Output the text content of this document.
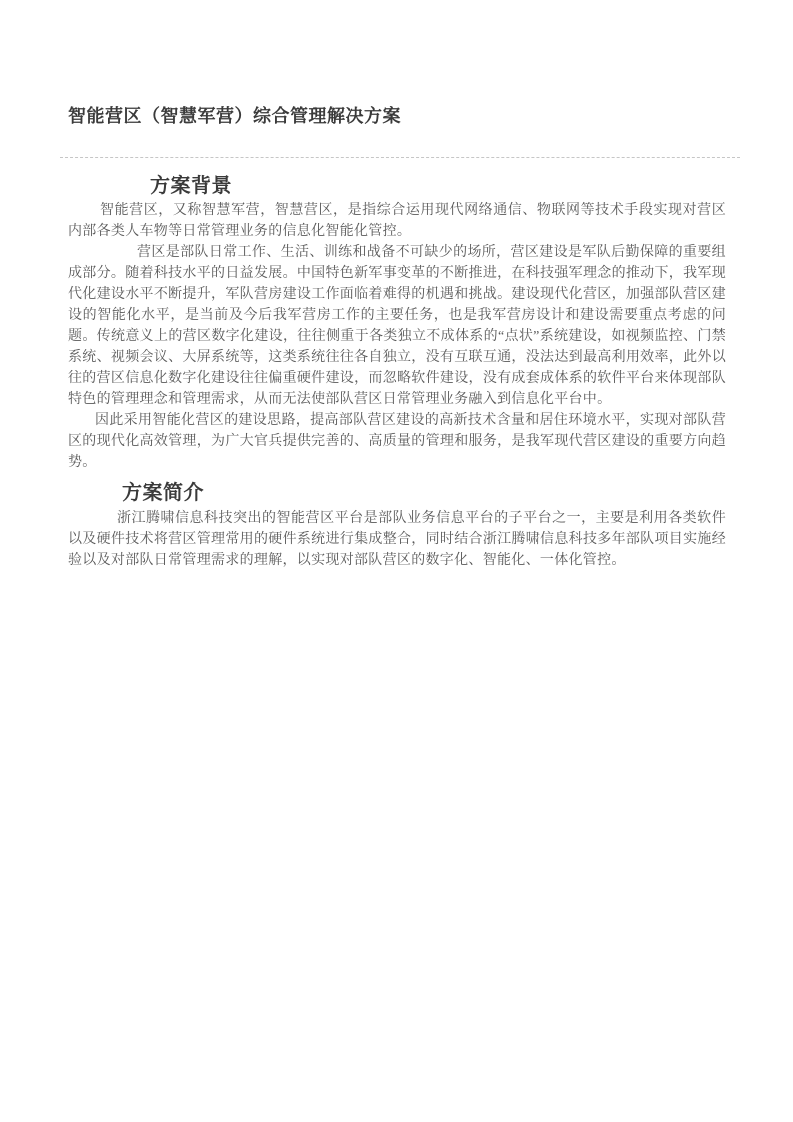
智能营区（智慧军营）综合管理解决方案
方案背景

智能营区，又称智慧军营，智慧营区，是指综合运用现代网络通信、物联网等技术手段实现对营区内部各类人车物等日常管理业务的信息化智能化管控。

营区是部队日常工作、生活、训练和战备不可缺少的场所，营区建设是军队后勤保障的重要组成部分。随着科技水平的日益发展。中国特色新军事变革的不断推进，在科技强军理念的推动下，我军现代化建设水平不断提升，军队营房建设工作面临着难得的机遇和挑战。建设现代化营区，加强部队营区建设的智能化水平，是当前及今后我军营房工作的主要任务，也是我军营房设计和建设需要重点考虑的问题。传统意义上的营区数字化建设，往往侧重于各类独立不成体系的“点状”系统建设，如视频监控、门禁系统、视频会议、大屏系统等，这类系统往往各自独立，没有互联互通，没法达到最高利用效率，此外以往的营区信息化数字化建设往往偏重硬件建设，而忽略软件建设，没有成套成体系的软件平台来体现部队特色的管理理念和管理需求，从而无法使部队营区日常管理业务融入到信息化平台中。

因此采用智能化营区的建设思路，提高部队营区建设的高新技术含量和居住环境水平，实现对部队营区的现代化高效管理，为广大官兵提供完善的、高质量的管理和服务，是我军现代营区建设的重要方向趋势。

方案简介

浙江腾啸信息科技突出的智能营区平台是部队业务信息平台的子平台之一，主要是利用各类软件以及硬件技术将营区管理常用的硬件系统进行集成整合，同时结合浙江腾啸信息科技多年部队项目实施经验以及对部队日常管理需求的理解，以实现对部队营区的数字化、智能化、一体化管控。
